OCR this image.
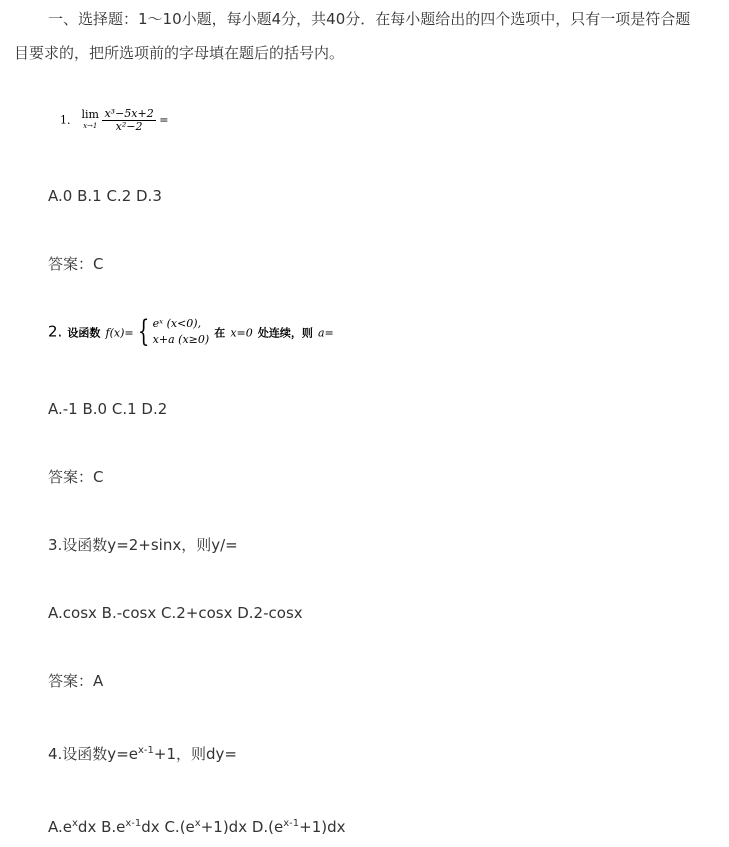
一、选择题：1～10小题，每小题4分，共40分．在每小题给出的四个选项中，只有一项是符合题
目要求的，把所选项前的字母填在题后的括号内。
1． lim
$x\to 1 \frac{\text{x³−5x+2}}{\text{x²−2}}$ =
A.0 B.1 C.2 D.3
答案：C
2. 设函数 f(x)= { eˣ (x<0),
x+a (x≥0) 在 x=0 处连续，则 a=
A.-1 B.0 C.1 D.2
答案：C
3.设函数y=2+sinx，则y/=
A.cosx B.-cosx C.2+cosx D.2-cosx
答案：A
4.设函数$y=e^{x-1}+1$，则dy=
$A.e^xdx$ $B.e^{x-1}dx$ $C.(e^x+1)dx$ $D.(e^{x-1}+1)dx$
